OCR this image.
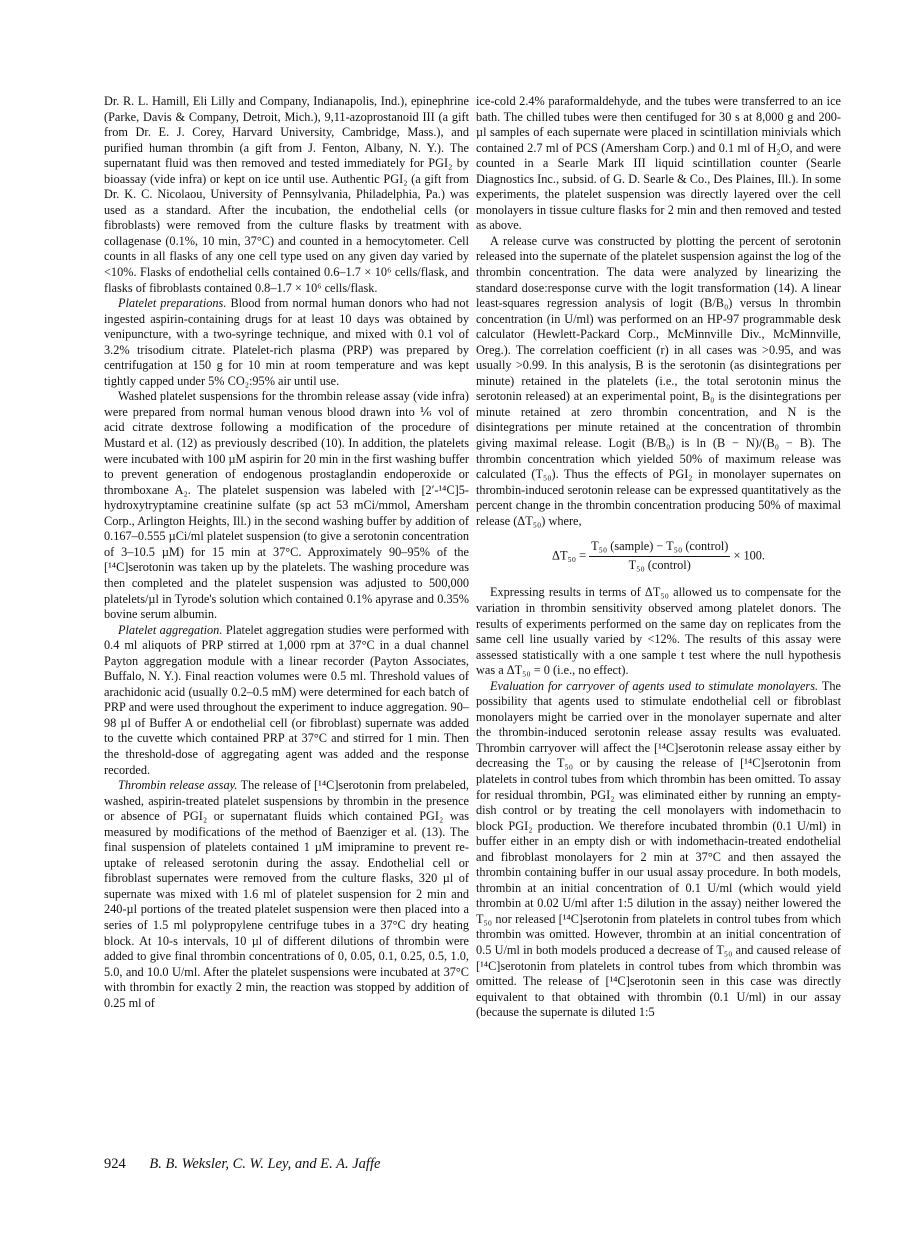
Dr. R. L. Hamill, Eli Lilly and Company, Indianapolis, Ind.), epinephrine (Parke, Davis & Company, Detroit, Mich.), 9,11-azoprostanoid III (a gift from Dr. E. J. Corey, Harvard University, Cambridge, Mass.), and purified human thrombin (a gift from J. Fenton, Albany, N. Y.). The supernatant fluid was then removed and tested immediately for PGI₂ by bioassay (vide infra) or kept on ice until use. Authentic PGI₂ (a gift from Dr. K. C. Nicolaou, University of Pennsylvania, Philadelphia, Pa.) was used as a standard. After the incubation, the endothelial cells (or fibroblasts) were removed from the culture flasks by treatment with collagenase (0.1%, 10 min, 37°C) and counted in a hemocytometer. Cell counts in all flasks of any one cell type used on any given day varied by <10%. Flasks of endothelial cells contained 0.6–1.7 × 10⁶ cells/flask, and flasks of fibroblasts contained 0.8–1.7 × 10⁶ cells/flask.

Platelet preparations. Blood from normal human donors who had not ingested aspirin-containing drugs for at least 10 days was obtained by venipuncture, with a two-syringe technique, and mixed with 0.1 vol of 3.2% trisodium citrate. Platelet-rich plasma (PRP) was prepared by centrifugation at 150 g for 10 min at room temperature and was kept tightly capped under 5% CO₂:95% air until use.

Washed platelet suspensions for the thrombin release assay (vide infra) were prepared from normal human venous blood drawn into ⅙ vol of acid citrate dextrose following a modification of the procedure of Mustard et al. (12) as previously described (10). In addition, the platelets were incubated with 100 µM aspirin for 20 min in the first washing buffer to prevent generation of endogenous prostaglandin endoperoxide or thromboxane A₂. The platelet suspension was labeled with [2′-¹⁴C]5-hydroxytryptamine creatinine sulfate (sp act 53 mCi/mmol, Amersham Corp., Arlington Heights, Ill.) in the second washing buffer by addition of 0.167–0.555 µCi/ml platelet suspension (to give a serotonin concentration of 3–10.5 µM) for 15 min at 37°C. Approximately 90–95% of the [¹⁴C]serotonin was taken up by the platelets. The washing procedure was then completed and the platelet suspension was adjusted to 500,000 platelets/µl in Tyrode's solution which contained 0.1% apyrase and 0.35% bovine serum albumin.

Platelet aggregation. Platelet aggregation studies were performed with 0.4 ml aliquots of PRP stirred at 1,000 rpm at 37°C in a dual channel Payton aggregation module with a linear recorder (Payton Associates, Buffalo, N. Y.). Final reaction volumes were 0.5 ml. Threshold values of arachidonic acid (usually 0.2–0.5 mM) were determined for each batch of PRP and were used throughout the experiment to induce aggregation. 90–98 µl of Buffer A or endothelial cell (or fibroblast) supernate was added to the cuvette which contained PRP at 37°C and stirred for 1 min. Then the threshold-dose of aggregating agent was added and the response recorded.

Thrombin release assay. The release of [¹⁴C]serotonin from prelabeled, washed, aspirin-treated platelet suspensions by thrombin in the presence or absence of PGI₂ or supernatant fluids which contained PGI₂ was measured by modifications of the method of Baenziger et al. (13). The final suspension of platelets contained 1 µM imipramine to prevent re-uptake of released serotonin during the assay. Endothelial cell or fibroblast supernates were removed from the culture flasks, 320 µl of supernate was mixed with 1.6 ml of platelet suspension for 2 min and 240-µl portions of the treated platelet suspension were then placed into a series of 1.5 ml polypropylene centrifuge tubes in a 37°C dry heating block. At 10-s intervals, 10 µl of different dilutions of thrombin were added to give final thrombin concentrations of 0, 0.05, 0.1, 0.25, 0.5, 1.0, 5.0, and 10.0 U/ml. After the platelet suspensions were incubated at 37°C with thrombin for exactly 2 min, the reaction was stopped by addition of 0.25 ml of

ice-cold 2.4% paraformaldehyde, and the tubes were transferred to an ice bath. The chilled tubes were then centifuged for 30 s at 8,000 g and 200-µl samples of each supernate were placed in scintillation minivials which contained 2.7 ml of PCS (Amersham Corp.) and 0.1 ml of H₂O, and were counted in a Searle Mark III liquid scintillation counter (Searle Diagnostics Inc., subsid. of G. D. Searle & Co., Des Plaines, Ill.). In some experiments, the platelet suspension was directly layered over the cell monolayers in tissue culture flasks for 2 min and then removed and tested as above.

A release curve was constructed by plotting the percent of serotonin released into the supernate of the platelet suspension against the log of the thrombin concentration. The data were analyzed by linearizing the standard dose:response curve with the logit transformation (14). A linear least-squares regression analysis of logit (B/B₀) versus ln thrombin concentration (in U/ml) was performed on an HP-97 programmable desk calculator (Hewlett-Packard Corp., McMinnville Div., McMinnville, Oreg.). The correlation coefficient (r) in all cases was >0.95, and was usually >0.99. In this analysis, B is the serotonin (as disintegrations per minute) retained in the platelets (i.e., the total serotonin minus the serotonin released) at an experimental point, B₀ is the disintegrations per minute retained at zero thrombin concentration, and N is the disintegrations per minute retained at the concentration of thrombin giving maximal release. Logit (B/B₀) is ln (B − N)/(B₀ − B). The thrombin concentration which yielded 50% of maximum release was calculated (T₅₀). Thus the effects of PGI₂ in monolayer supernates on thrombin-induced serotonin release can be expressed quantitatively as the percent change in the thrombin concentration producing 50% of maximal release (ΔT₅₀) where,

$\Delta T_{50} = \frac{\text{T₅₀ (sample) − T₅₀ (control)}}{\text{T₅₀ (control)}} \times 100$.

Expressing results in terms of ΔT₅₀ allowed us to compensate for the variation in thrombin sensitivity observed among platelet donors. The results of experiments performed on the same day on replicates from the same cell line usually varied by <12%. The results of this assay were assessed statistically with a one sample t test where the null hypothesis was a ΔT₅₀ = 0 (i.e., no effect).

Evaluation for carryover of agents used to stimulate monolayers. The possibility that agents used to stimulate endothelial cell or fibroblast monolayers might be carried over in the monolayer supernate and alter the thrombin-induced serotonin release assay results was evaluated. Thrombin carryover will affect the [¹⁴C]serotonin release assay either by decreasing the T₅₀ or by causing the release of [¹⁴C]serotonin from platelets in control tubes from which thrombin has been omitted. To assay for residual thrombin, PGI₂ was eliminated either by running an empty-dish control or by treating the cell monolayers with indomethacin to block PGI₂ production. We therefore incubated thrombin (0.1 U/ml) in buffer either in an empty dish or with indomethacin-treated endothelial and fibroblast monolayers for 2 min at 37°C and then assayed the thrombin containing buffer in our usual assay procedure. In both models, thrombin at an initial concentration of 0.1 U/ml (which would yield thrombin at 0.02 U/ml after 1:5 dilution in the assay) neither lowered the T₅₀ nor released [¹⁴C]serotonin from platelets in control tubes from which thrombin was omitted. However, thrombin at an initial concentration of 0.5 U/ml in both models produced a decrease of T₅₀ and caused release of [¹⁴C]serotonin from platelets in control tubes from which thrombin was omitted. The release of [¹⁴C]serotonin seen in this case was directly equivalent to that obtained with thrombin (0.1 U/ml) in our assay (because the supernate is diluted 1:5

924 B. B. Weksler, C. W. Ley, and E. A. Jaffe
